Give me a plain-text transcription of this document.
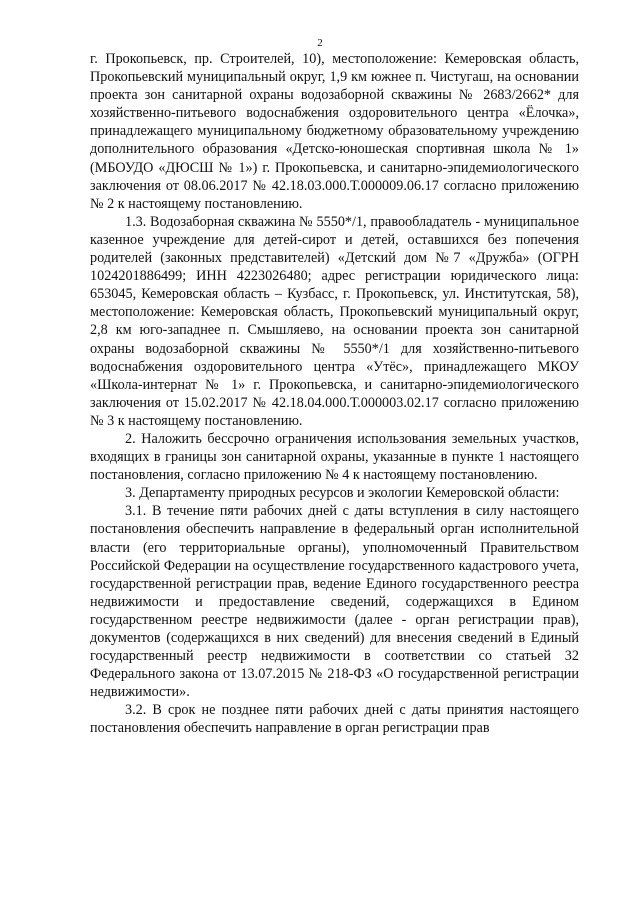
2

г. Прокопьевск, пр. Строителей, 10), местоположение: Кемеровская область, Прокопьевский муниципальный округ, 1,9 км южнее п. Чистугаш, на основании проекта зон санитарной охраны водозаборной скважины № 2683/2662* для хозяйственно-питьевого водоснабжения оздоровительного центра «Ёлочка», принадлежащего муниципальному бюджетному образовательному учреждению дополнительного образования «Детско-юношеская спортивная школа № 1» (МБОУДО «ДЮСШ № 1») г. Прокопьевска, и санитарно-эпидемиологического заключения от 08.06.2017 № 42.18.03.000.Т.000009.06.17 согласно приложению № 2 к настоящему постановлению.

1.3. Водозаборная скважина № 5550*/1, правообладатель - муниципальное казенное учреждение для детей-сирот и детей, оставшихся без попечения родителей (законных представителей) «Детский дом №7 «Дружба» (ОГРН 1024201886499; ИНН 4223026480; адрес регистрации юридического лица: 653045, Кемеровская область – Кузбасс, г. Прокопьевск, ул. Институтская, 58), местоположение: Кемеровская область, Прокопьевский муниципальный округ, 2,8 км юго-западнее п. Смышляево, на основании проекта зон санитарной охраны водозаборной скважины № 5550*/1 для хозяйственно-питьевого водоснабжения оздоровительного центра «Утёс», принадлежащего МКОУ «Школа-интернат № 1» г. Прокопьевска, и санитарно-эпидемиологического заключения от 15.02.2017 № 42.18.04.000.Т.000003.02.17 согласно приложению № 3 к настоящему постановлению.

2. Наложить бессрочно ограничения использования земельных участков, входящих в границы зон санитарной охраны, указанные в пункте 1 настоящего постановления, согласно приложению № 4 к настоящему постановлению.

3. Департаменту природных ресурсов и экологии Кемеровской области:

3.1. В течение пяти рабочих дней с даты вступления в силу настоящего постановления обеспечить направление в федеральный орган исполнительной власти (его территориальные органы), уполномоченный Правительством Российской Федерации на осуществление государственного кадастрового учета, государственной регистрации прав, ведение Единого государственного реестра недвижимости и предоставление сведений, содержащихся в Едином государственном реестре недвижимости (далее - орган регистрации прав), документов (содержащихся в них сведений) для внесения сведений в Единый государственный реестр недвижимости в соответствии со статьей 32 Федерального закона от 13.07.2015 № 218-ФЗ «О государственной регистрации недвижимости».

3.2. В срок не позднее пяти рабочих дней с даты принятия настоящего постановления обеспечить направление в орган регистрации прав
